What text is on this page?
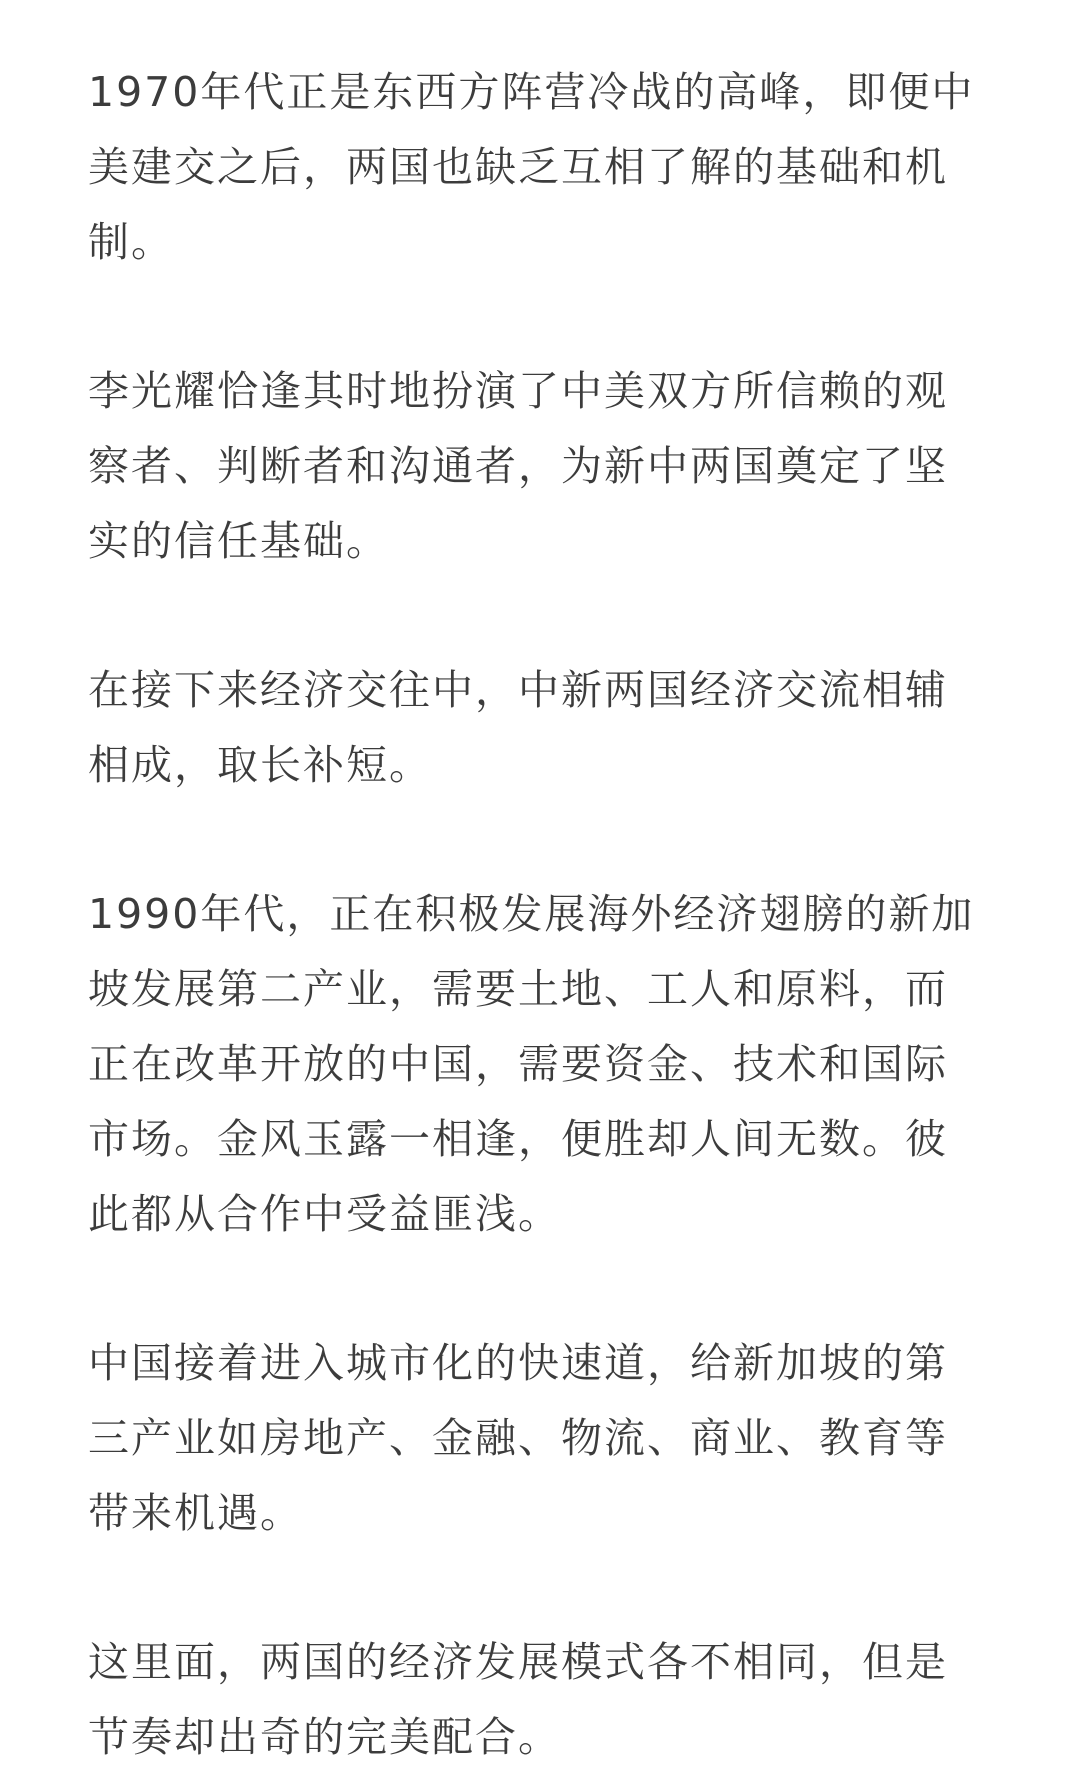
1970年代正是东西方阵营冷战的高峰，即便中美建交之后，两国也缺乏互相了解的基础和机制。

李光耀恰逢其时地扮演了中美双方所信赖的观察者、判断者和沟通者，为新中两国奠定了坚实的信任基础。

在接下来经济交往中，中新两国经济交流相辅相成，取长补短。

1990年代，正在积极发展海外经济翅膀的新加坡发展第二产业，需要土地、工人和原料，而正在改革开放的中国，需要资金、技术和国际市场。金风玉露一相逢，便胜却人间无数。彼此都从合作中受益匪浅。

中国接着进入城市化的快速道，给新加坡的第三产业如房地产、金融、物流、商业、教育等带来机遇。

这里面，两国的经济发展模式各不相同，但是节奏却出奇的完美配合。
